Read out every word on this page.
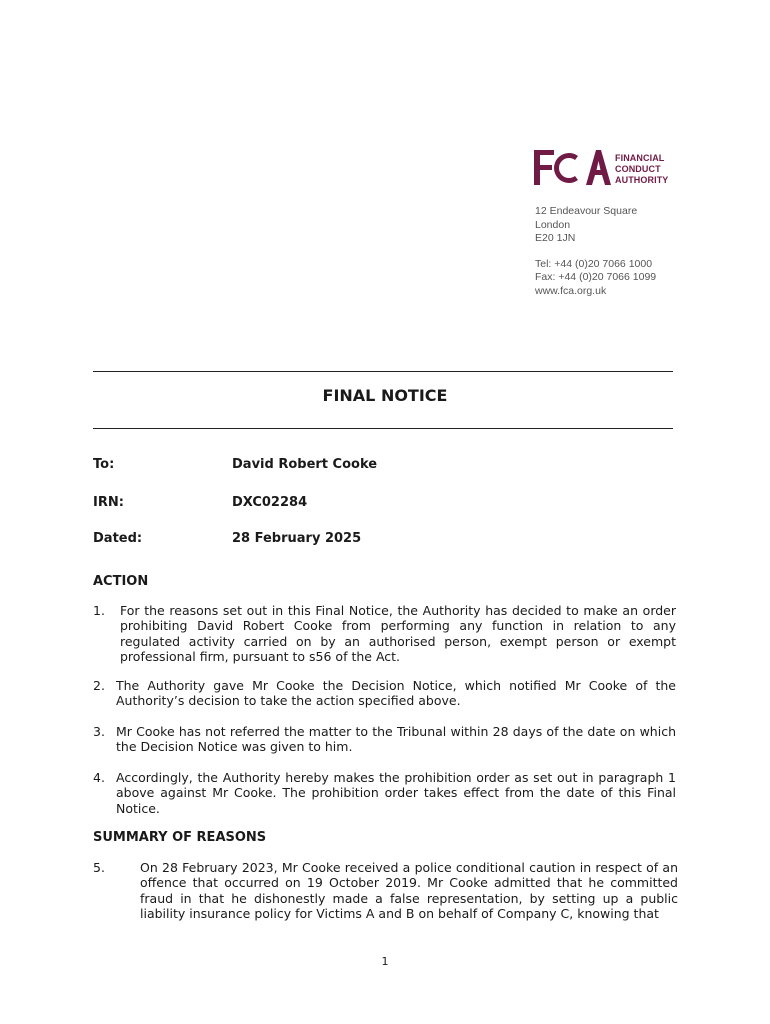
FINANCIAL
CONDUCT
AUTHORITY
12 Endeavour Square
London
E20 1JN
Tel: +44 (0)20 7066 1000
Fax: +44 (0)20 7066 1099
www.fca.org.uk
FINAL NOTICE
To:	David Robert Cooke
IRN:	DXC02284
Dated:	28 February 2025
ACTION
1. For the reasons set out in this Final Notice, the Authority has decided to make an order prohibiting David Robert Cooke from performing any function in relation to any regulated activity carried on by an authorised person, exempt person or exempt professional firm, pursuant to s56 of the Act.
2. The Authority gave Mr Cooke the Decision Notice, which notified Mr Cooke of the Authority’s decision to take the action specified above.
3. Mr Cooke has not referred the matter to the Tribunal within 28 days of the date on which the Decision Notice was given to him.
4. Accordingly, the Authority hereby makes the prohibition order as set out in paragraph 1 above against Mr Cooke. The prohibition order takes effect from the date of this Final Notice.
SUMMARY OF REASONS
5.	On 28 February 2023, Mr Cooke received a police conditional caution in respect of an offence that occurred on 19 October 2019. Mr Cooke admitted that he committed fraud in that he dishonestly made a false representation, by setting up a public liability insurance policy for Victims A and B on behalf of Company C, knowing that
1
